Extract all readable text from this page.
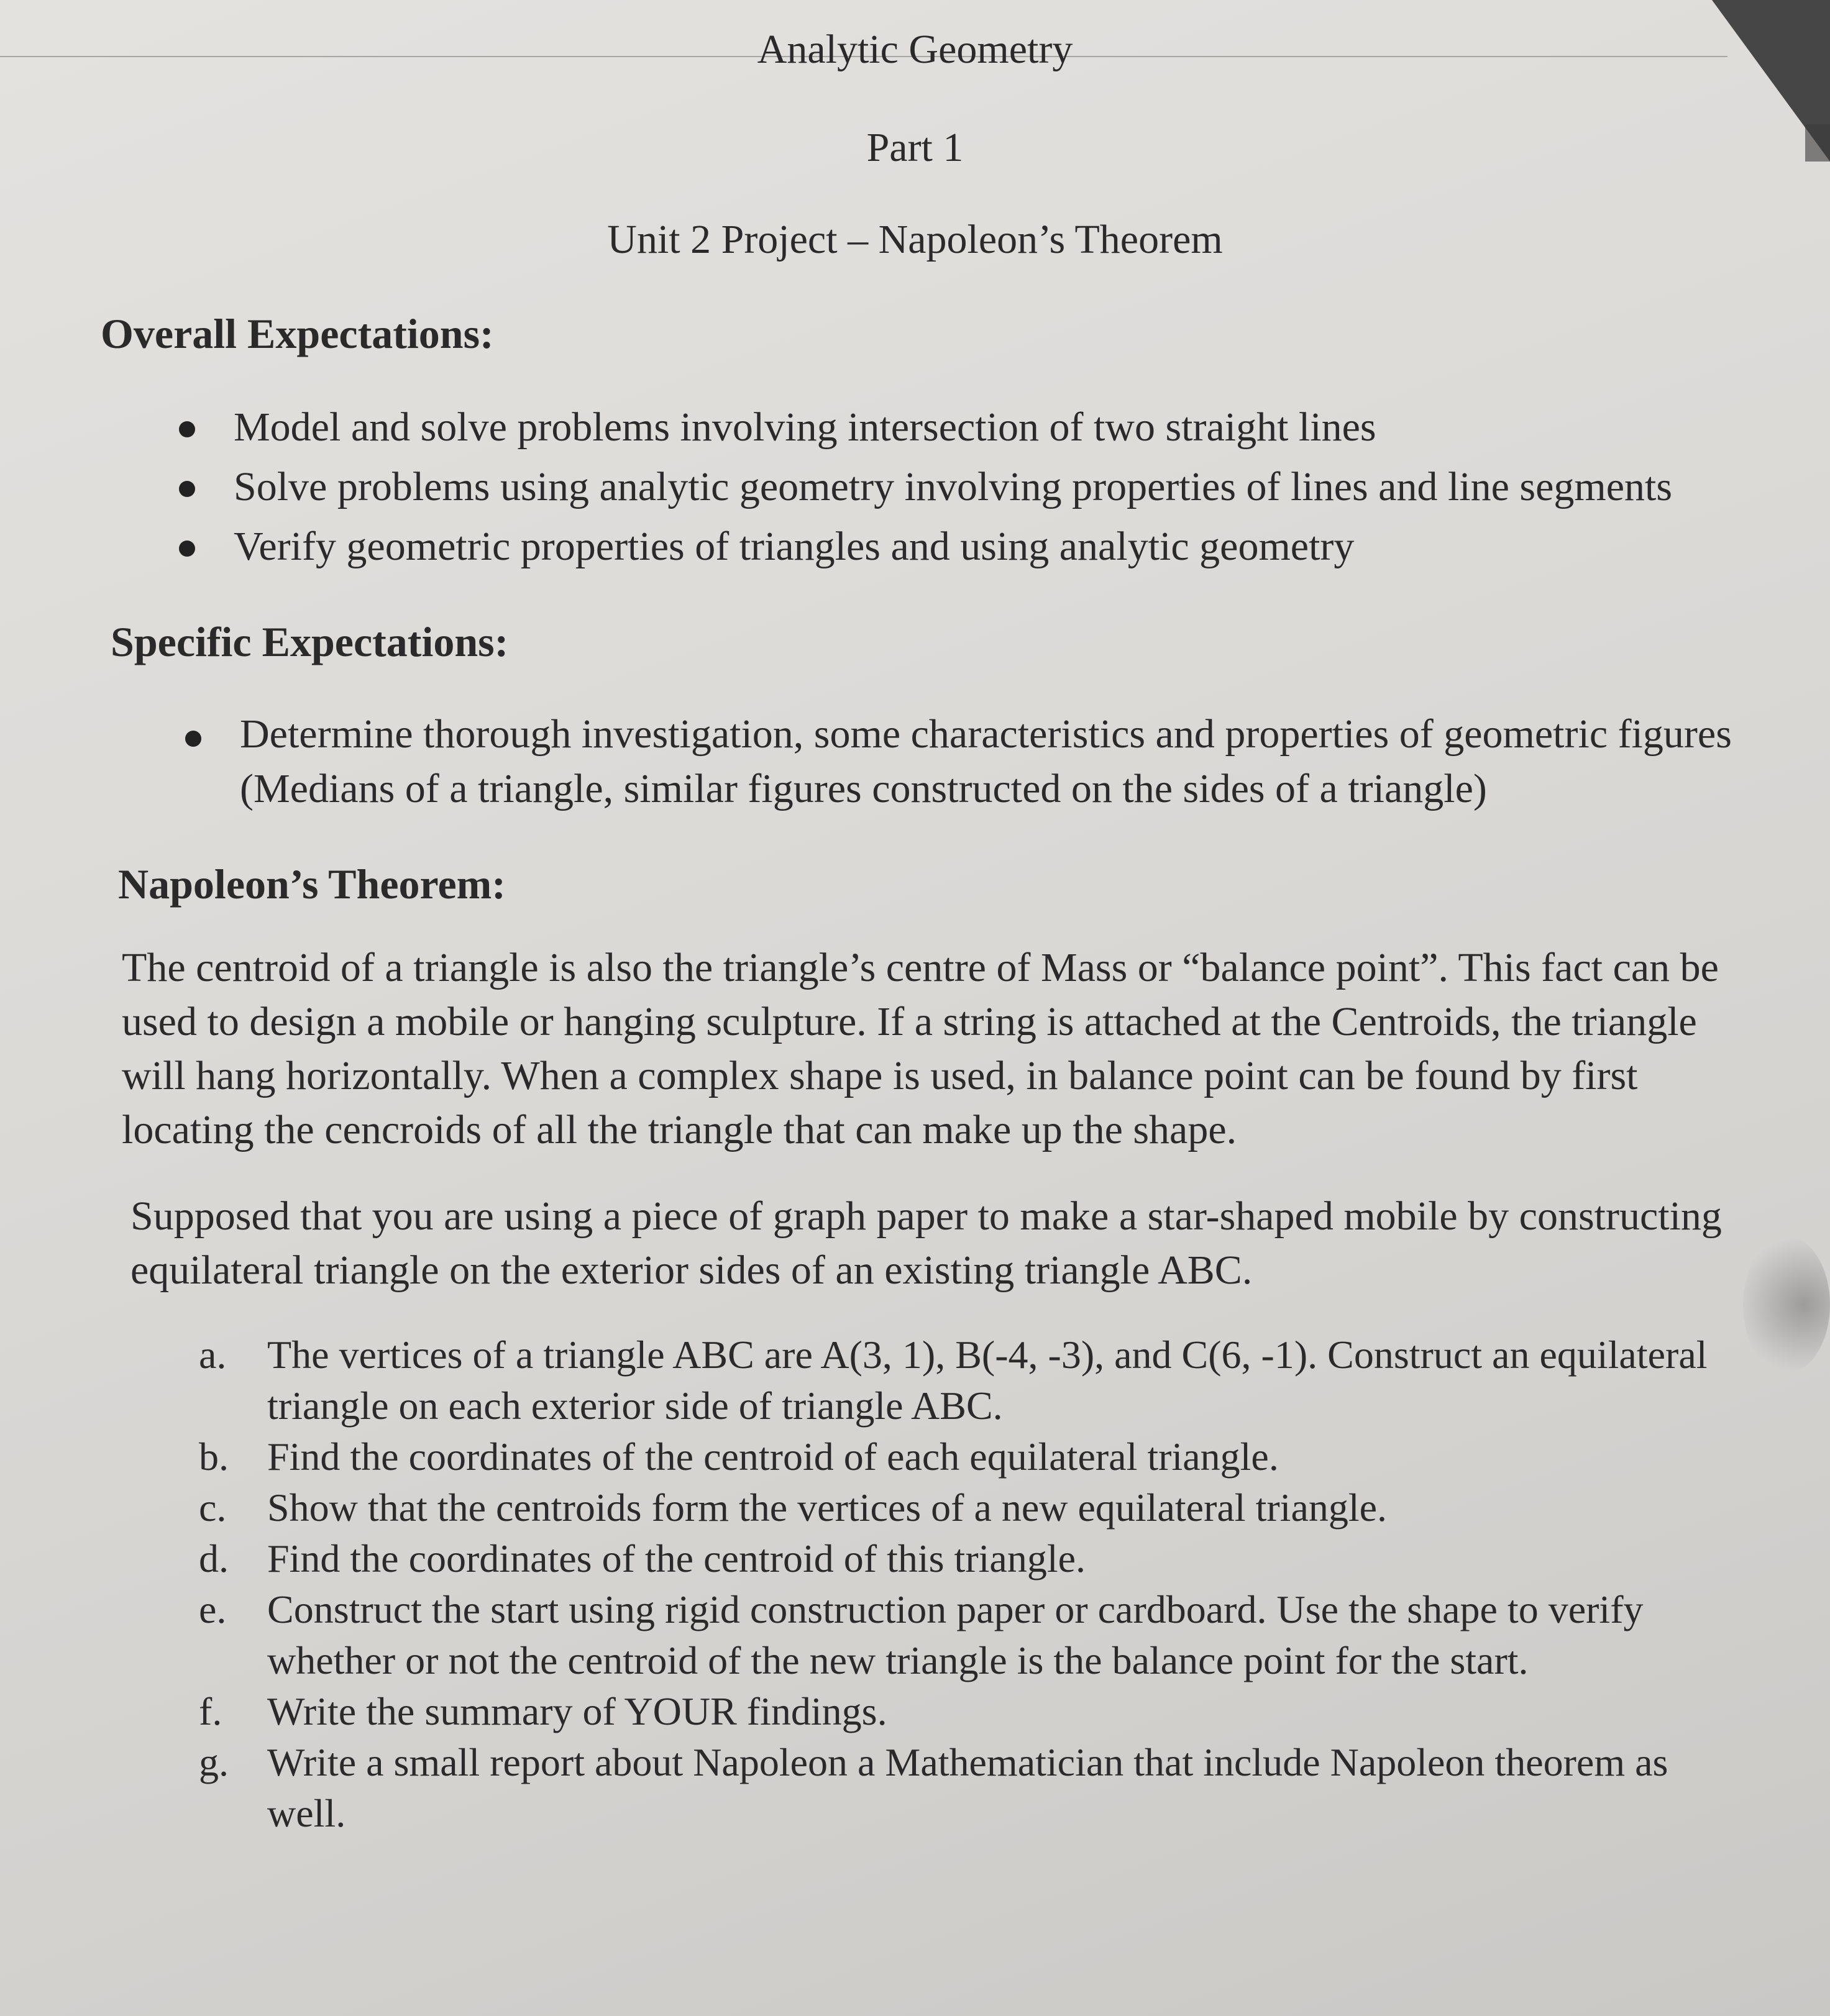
Analytic Geometry
Part 1
Unit 2 Project – Napoleon’s Theorem
Overall Expectations:
Model and solve problems involving intersection of two straight lines
Solve problems using analytic geometry involving properties of lines and line segments
Verify geometric properties of triangles and using analytic geometry
Specific Expectations:
Determine thorough investigation, some characteristics and properties of geometric figures (Medians of a triangle, similar figures constructed on the sides of a triangle)
Napoleon’s Theorem:

The centroid of a triangle is also the triangle’s centre of Mass or “balance point”. This fact can be used to design a mobile or hanging sculpture. If a string is attached at the Centroids, the triangle will hang horizontally. When a complex shape is used, in balance point can be found by first locating the cencroids of all the triangle that can make up the shape.

Supposed that you are using a piece of graph paper to make a star-shaped mobile by constructing equilateral triangle on the exterior sides of an existing triangle ABC.

a. The vertices of a triangle ABC are A(3, 1), B(-4, -3), and C(6, -1). Construct an equilateral triangle on each exterior side of triangle ABC.
b. Find the coordinates of the centroid of each equilateral triangle.
c. Show that the centroids form the vertices of a new equilateral triangle.
d. Find the coordinates of the centroid of this triangle.
e. Construct the start using rigid construction paper or cardboard. Use the shape to verify whether or not the centroid of the new triangle is the balance point for the start.
f. Write the summary of YOUR findings.
g. Write a small report about Napoleon a Mathematician that include Napoleon theorem as well.
